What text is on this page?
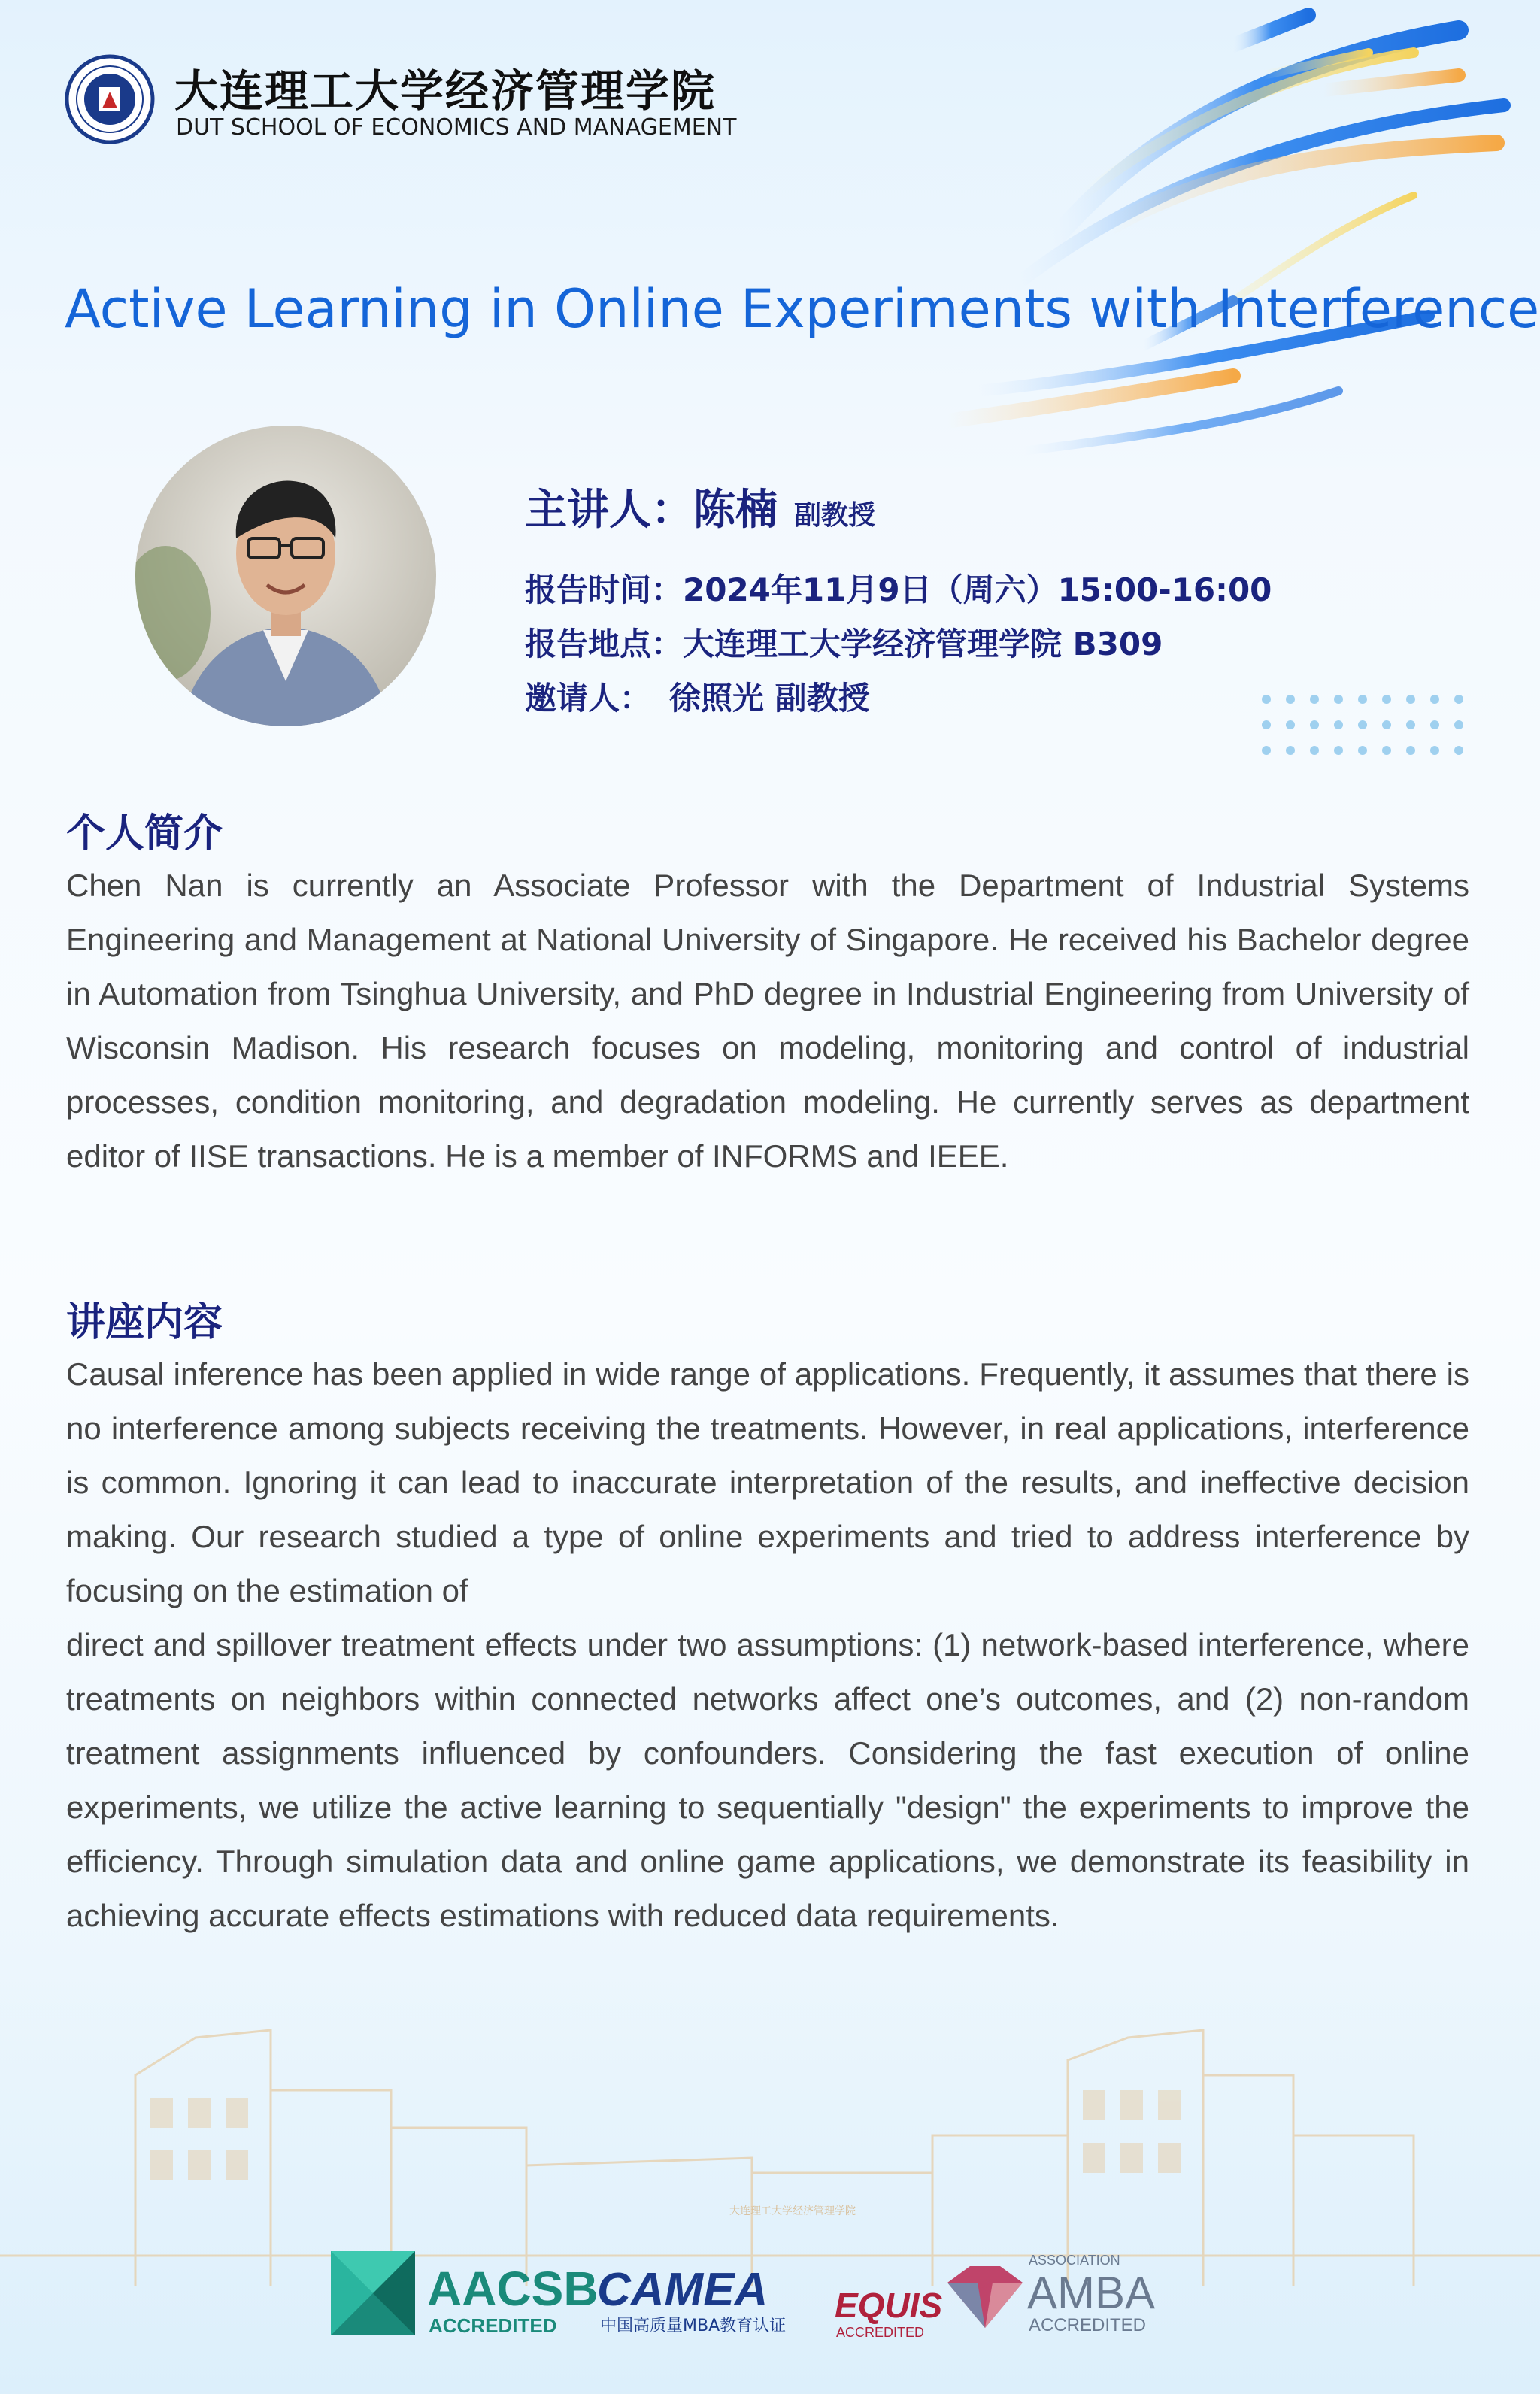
大连理工大学经济管理学院
DUT SCHOOL OF ECONOMICS AND MANAGEMENT
Active Learning in Online Experiments with Interference
主讲人：陈楠 副教授
报告时间：2024年11月9日（周六）15:00-16:00
报告地点：大连理工大学经济管理学院 B309
邀请人： 徐照光 副教授
个人简介

Chen Nan is currently an Associate Professor with the Department of Industrial Systems Engineering and Management at National University of Singapore. He received his Bachelor degree in Automation from Tsinghua University, and PhD degree in Industrial Engineering from University of Wisconsin Madison. His research focuses on modeling, monitoring and control of industrial processes, condition monitoring, and degradation modeling. He currently serves as department editor of IISE transactions. He is a member of INFORMS and IEEE.

讲座内容

Causal inference has been applied in wide range of applications. Frequently, it assumes that there is no interference among subjects receiving the treatments. However, in real applications, interference is common. Ignoring it can lead to inaccurate interpretation of the results, and ineffective decision making. Our research studied a type of online experiments and tried to address interference by focusing on the estimation of

direct and spillover treatment effects under two assumptions: (1) network-based interference, where treatments on neighbors within connected networks affect one’s outcomes, and (2) non-random treatment assignments influenced by confounders. Considering the fast execution of online experiments, we utilize the active learning to sequentially "design" the experiments to improve the efficiency. Through simulation data and online game applications, we demonstrate its feasibility in achieving accurate effects estimations with reduced data requirements.

大连理工大学经济管理学院
AACSB
ACCREDITED
CAMEA
中国高质量MBA教育认证
EQUIS
ACCREDITED
ASSOCIATION
AMBA
ACCREDITED
